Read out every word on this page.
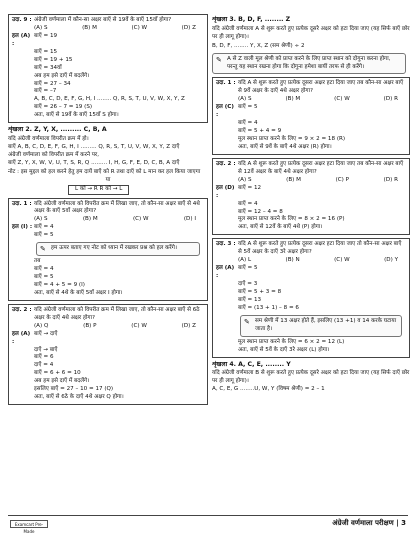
उदा. 9 : अंग्रेजी वर्णमाला में कौन-सा अक्षर बाएँ से 19वें के बाएँ 15वाँ होगा?
(A) S	(B) M	(C) W	(D) Z
हल (A) :
बाएँ = 19
बाएँ = 15
बाएँ = 19 + 15
बाएँ = 34वाँ
अब हम इसे दाएँ में बदलेंगे।
बाएँ = 27 – 34
बाएँ = –7
A, B, C, D, E, F, G, H, I ........ Q, R, S, T, U, V, W, X, Y, Z
बाएँ = 26 – 7 = 19 (S)
अतः, बाएँ से 19वें के बाएँ 15वाँ S होगा।
शृंखला 2. Z, Y, X, ......... C, B, A
यदि अंग्रेजी वर्णमाला विपरीत क्रम में हो।
बाएँ A, B, C, D, E, F, G, H, I ......... Q, R, S, T, U, V, W, X, Y, Z दाएँ
अंग्रेजी वर्णमाला को विपरीत क्रम में करने पर,
बाएँ Z, Y, X, W, V, U, T, S, R, Q ......... I, H, G, F, E, D, C, B, A दाएँ
नोट : इस मुद्दल को हल करने हेतु हम दायें बाएँ को R तथा दाएँ को L मान कर हल किया जाएगा
या
L को → R R को → L
उदा. 1 : यदि अंग्रेजी वर्णमाला को विपरीत क्रम में लिखा जाए, तो कौन-सा अक्षर बाएँ से 4थे अक्षर के बाएँ 5वाँ अक्षर होगा?
(A) S	(B) M	(C) W	(D) I
हल (I) : बाएँ = 4
बाएँ = 5
✎ हम ऊपर बताए गए नोट को ध्यान में रखकर प्रश्न को हल करेंगे।
तब
बाएँ = 4
बाएँ = 5
बाएँ = 4 + 5 = 9 (I)
अतः, बाएँ से 4थे के बाएँ 5वाँ अक्षर I होगा।
उदा. 2 : यदि अंग्रेजी वर्णमाला को विपरीत क्रम में लिखा जाए, तो कौन-सा अक्षर बाएँ से 6ठे अक्षर के दाएँ 4थे अक्षर होगा?
(A) Q	(B) P	(C) W	(D) Z
हल (A) :
बाएँ → दाएँ
दाएँ → बाएँ
बाएँ = 6
दाएँ = 4
बाएँ = 6 + 6 = 10
अब हम इसे दाएँ में बदलेंगे।
इसलिए बाएँ = 27 – 10 = 17 (Q)
अतः, बाएँ से 6ठे के दाएँ 4थे अक्षर Q होगा।
शृंखला 3. B, D, F, ........ Z
यदि अंग्रेजी वर्णमाला A से शुरू करते हुए प्रत्येक दूसरे अक्षर को हटा दिया जाए (यह सिर्फ बाएँ छोर पर ही लागू होगा)।
B, D, F, ........ Y, X, Z (सम श्रेणी) ÷ 2
✎ A से Z वाली मूल श्रेणी को प्राप्त करने के लिए प्राप्त स्थान को दोगुना करना होगा, परन्तु यह स्थान रखना होगा कि दोगुना हमेशा बायीं तरफ से ही करेंगे।
उदा. 1 : यदि A से शुरू करते हुए प्रत्येक दूसरा अक्षर हटा दिया जाए तब कौन-सा अक्षर बाएँ से 9वें अक्षर के दाएँ 4थे अक्षर होगा?
(A) S	(B) M	(C) W	(D) R
हल (C) :
बाएँ = 5
बाएँ = 4
बाएँ = 5 + 4 = 9
मूल स्थान प्राप्त करने के लिए = 9 × 2 = 18 (R)
अतः, बाएँ से 9वें के बाएँ 4थे अक्षर (R) होगा।
उदा. 2 : यदि A से शुरू करते हुए प्रत्येक दूसरा अक्षर हटा दिया जाए तब कौन-सा अक्षर बाएँ से 12वें अक्षर के बाएँ 4थे अक्षर होगा?
(A) S	(B) M	(C) P	(D) R
हल (D) :
बाएँ = 12
बाएँ = 4
बाएँ = 12 – 4 = 8
मूल स्थान प्राप्त करने के लिए = 8 × 2 = 16 (P)
अतः, बाएँ से 12वें के बाएँ 4थे (P) होगा।
उदा. 3 : यदि A से शुरू करते हुए प्रत्येक दूसरा अक्षर हटा दिया जाए तो कौन-सा अक्षर बाएँ से 5वें अक्षर के दाएँ 3रे अक्षर होगा?
(A) L	(B) N	(C) W	(D) Y
हल (A) :
बाएँ = 5
दाएँ = 3
बाएँ = 5 + 3 = 8
बाएँ = 13
बाएँ = (13 + 1) – 8 = 6
✎ सम श्रेणी में 13 अक्षर होते हैं, इसलिए (13 +1) व 14 करके घटाया जाता है।
मूल स्थान प्राप्त करने के लिए = 6 × 2 = 12 (L)
अतः, बाएँ से 5वें के दाएँ 3रे अक्षर (L) होगा।
शृंखला 4. A, C, E, ........ Y
यदि अंग्रेजी वर्णमाला B से शुरू करते हुए प्रत्येक दूसरे अक्षर को हटा दिया जाए (यह सिर्फ दाएँ छोर पर ही लागू होगा)।
A, C, E, G ........U, W, Y (विषम श्रेणी) = 2 – 1
Examcart Pre-Made
अंग्रेजी वर्णमाला परीक्षण | 3
